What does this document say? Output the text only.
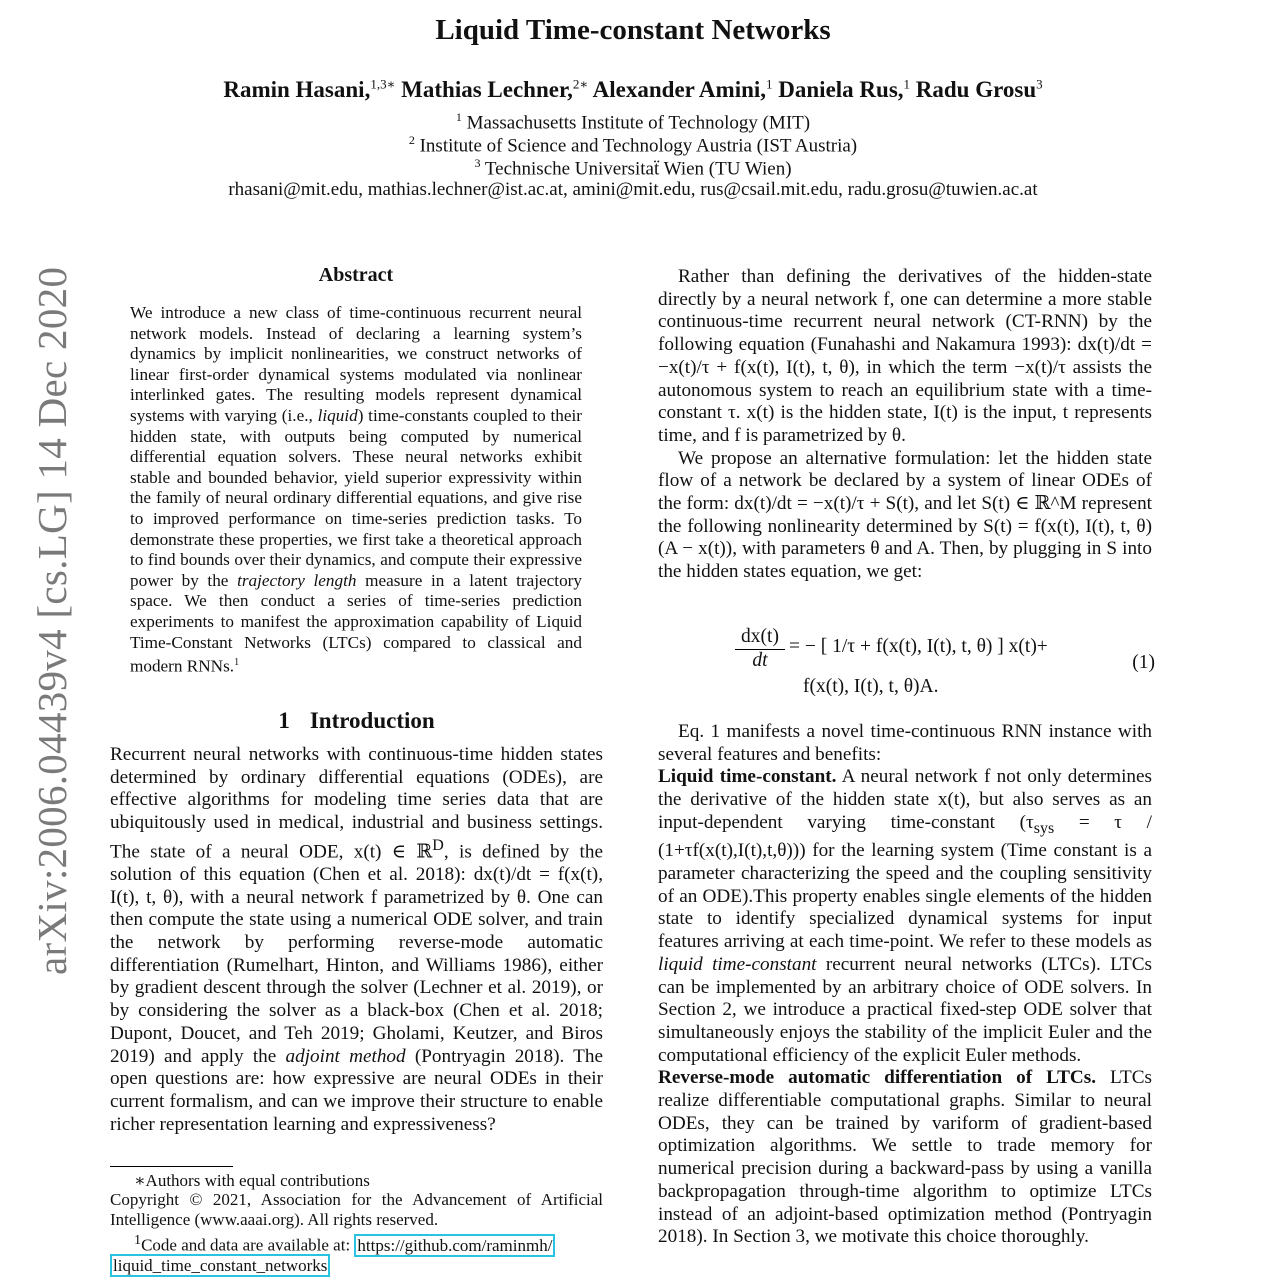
arXiv:2006.04439v4 [cs.LG] 14 Dec 2020
Liquid Time-constant Networks
Ramin Hasani,$^{1,3∗}$ Mathias Lechner,$^{2∗}$ Alexander Amini,$^1$ Daniela Rus,$^1$ Radu Grosu$^3$
$^1$ Massachusetts Institute of Technology (MIT)
$^2$ Institute of Science and Technology Austria (IST Austria)
$^3$ Technische Universitaẗ Wien (TU Wien)
rhasani@mit.edu, mathias.lechner@ist.ac.at, amini@mit.edu, rus@csail.mit.edu, radu.grosu@tuwien.ac.at
Abstract
We introduce a new class of time-continuous recurrent neural network models. Instead of declaring a learning system’s dynamics by implicit nonlinearities, we construct networks of linear first-order dynamical systems modulated via nonlinear interlinked gates. The resulting models represent dynamical systems with varying (i.e., liquid) time-constants coupled to their hidden state, with outputs being computed by numerical differential equation solvers. These neural networks exhibit stable and bounded behavior, yield superior expressivity within the family of neural ordinary differential equations, and give rise to improved performance on time-series prediction tasks. To demonstrate these properties, we first take a theoretical approach to find bounds over their dynamics, and compute their expressive power by the trajectory length measure in a latent trajectory space. We then conduct a series of time-series prediction experiments to manifest the approximation capability of Liquid Time-Constant Networks (LTCs) compared to classical and modern RNNs.$^1$
1 Introduction

Recurrent neural networks with continuous-time hidden states determined by ordinary differential equations (ODEs), are effective algorithms for modeling time series data that are ubiquitously used in medical, industrial and business settings. The state of a neural ODE, x(t) ∈ ℝ$^D$, is defined by the solution of this equation (Chen et al. 2018): dx(t)/dt = f(x(t), I(t), t, θ), with a neural network f parametrized by θ. One can then compute the state using a numerical ODE solver, and train the network by performing reverse-mode automatic differentiation (Rumelhart, Hinton, and Williams 1986), either by gradient descent through the solver (Lechner et al. 2019), or by considering the solver as a black-box (Chen et al. 2018; Dupont, Doucet, and Teh 2019; Gholami, Keutzer, and Biros 2019) and apply the adjoint method (Pontryagin 2018). The open questions are: how expressive are neural ODEs in their current formalism, and can we improve their structure to enable richer representation learning and expressiveness?

∗Authors with equal contributions
Copyright © 2021, Association for the Advancement of Artificial Intelligence (www.aaai.org). All rights reserved.
$^1$Code and data are available at: https://github.com/raminmh/
liquid_time_constant_networks

Rather than defining the derivatives of the hidden-state directly by a neural network f, one can determine a more stable continuous-time recurrent neural network (CT-RNN) by the following equation (Funahashi and Nakamura 1993): dx(t)/dt = −x(t)/τ + f(x(t), I(t), t, θ), in which the term −x(t)/τ assists the autonomous system to reach an equilibrium state with a time-constant τ. x(t) is the hidden state, I(t) is the input, t represents time, and f is parametrized by θ.

We propose an alternative formulation: let the hidden state flow of a network be declared by a system of linear ODEs of the form: dx(t)/dt = −x(t)/τ + S(t), and let S(t) ∈ ℝ^M represent the following nonlinearity determined by S(t) = f(x(t), I(t), t, θ)(A − x(t)), with parameters θ and A. Then, by plugging in S into the hidden states equation, we get:

$\frac{dx(t)}{dt}$ = − [ 1/τ + f(x(t), I(t), t, θ) ] x(t)+
f(x(t), I(t), t, θ)A.
(1)

Eq. 1 manifests a novel time-continuous RNN instance with several features and benefits:

Liquid time-constant. A neural network f not only determines the derivative of the hidden state x(t), but also serves as an input-dependent varying time-constant $(\tau_{sys} = \tau / (1+\tau f(x(t),I(t),t,\theta)))$ for the learning system (Time constant is a parameter characterizing the speed and the coupling sensitivity of an ODE).This property enables single elements of the hidden state to identify specialized dynamical systems for input features arriving at each time-point. We refer to these models as liquid time-constant recurrent neural networks (LTCs). LTCs can be implemented by an arbitrary choice of ODE solvers. In Section 2, we introduce a practical fixed-step ODE solver that simultaneously enjoys the stability of the implicit Euler and the computational efficiency of the explicit Euler methods.

Reverse-mode automatic differentiation of LTCs. LTCs realize differentiable computational graphs. Similar to neural ODEs, they can be trained by variform of gradient-based optimization algorithms. We settle to trade memory for numerical precision during a backward-pass by using a vanilla backpropagation through-time algorithm to optimize LTCs instead of an adjoint-based optimization method (Pontryagin 2018). In Section 3, we motivate this choice thoroughly.
